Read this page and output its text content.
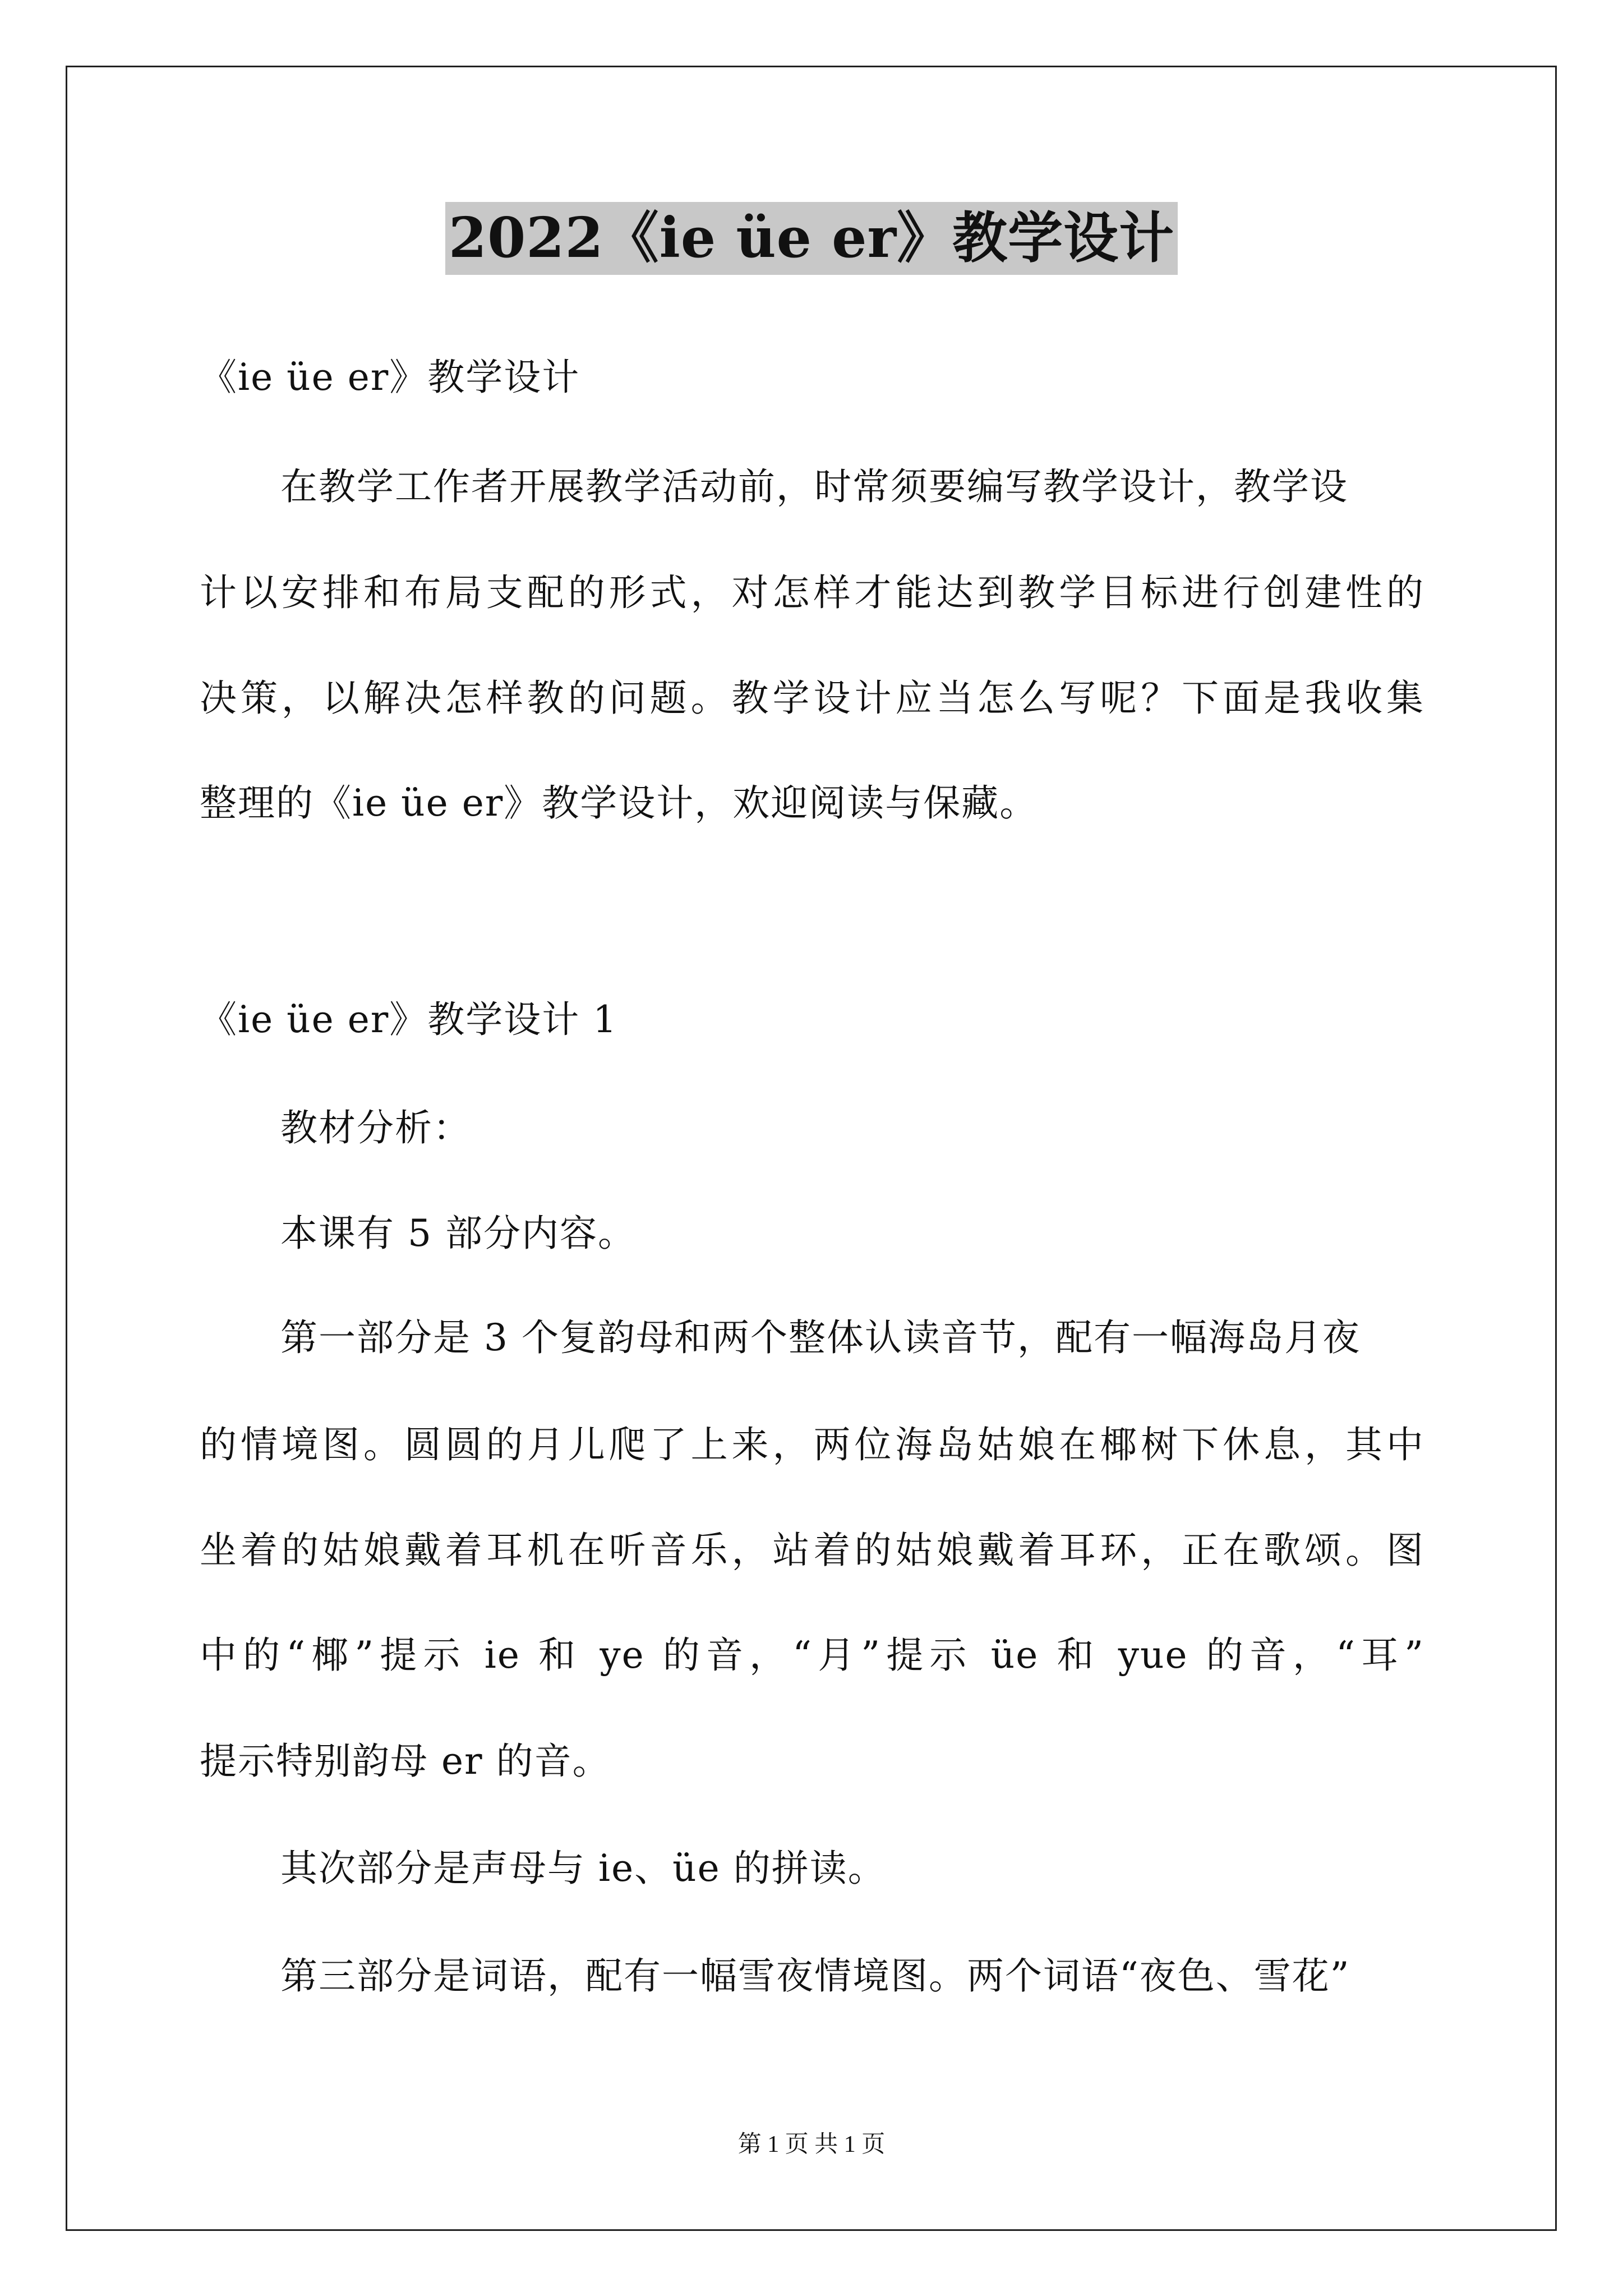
2022《ie üe er》教学设计
《ie üe er》教学设计
在教学工作者开展教学活动前，时常须要编写教学设计，教学设
计以安排和布局支配的形式，对怎样才能达到教学目标进行创建性的
决策，以解决怎样教的问题。教学设计应当怎么写呢？下面是我收集
整理的《ie üe er》教学设计，欢迎阅读与保藏。
《ie üe er》教学设计 1
教材分析：
本课有 5 部分内容。
第一部分是 3 个复韵母和两个整体认读音节，配有一幅海岛月夜
的情境图。圆圆的月儿爬了上来，两位海岛姑娘在椰树下休息，其中
坐着的姑娘戴着耳机在听音乐，站着的姑娘戴着耳环，正在歌颂。图
中的“椰”提示 ie 和 ye 的音，“月”提示 üe 和 yue 的音，“耳”
提示特别韵母 er 的音。
其次部分是声母与 ie、üe 的拼读。
第三部分是词语，配有一幅雪夜情境图。两个词语“夜色、雪花”
第 1 页 共 1 页
